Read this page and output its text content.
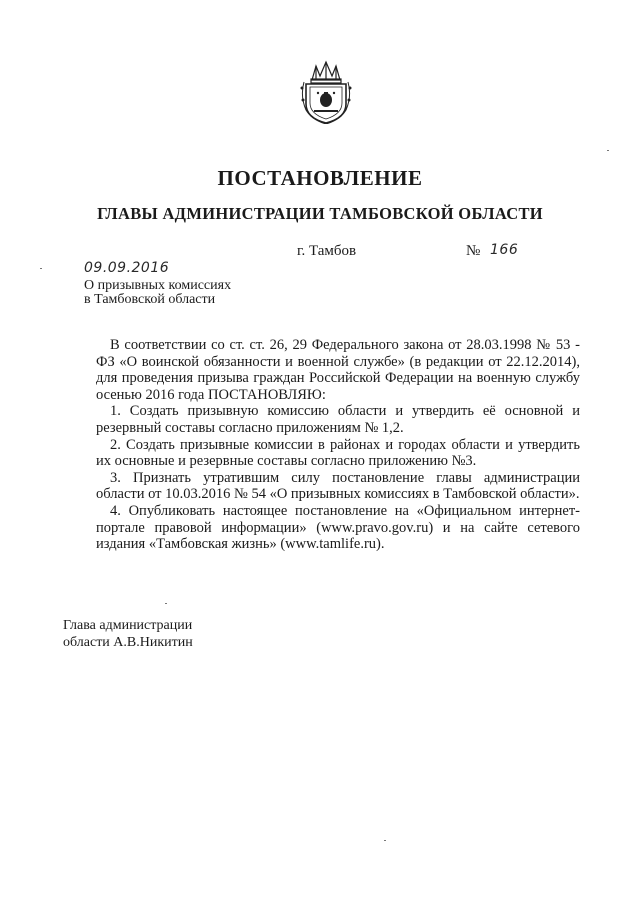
ПОСТАНОВЛЕНИЕ
ГЛАВЫ АДМИНИСТРАЦИИ ТАМБОВСКОЙ ОБЛАСТИ
г. Тамбов	№ 166
09.09.2016
О призывных комиссиях
в Тамбовской области

В соответствии со ст. ст. 26, 29 Федерального закона от 28.03.1998 № 53 - ФЗ «О воинской обязанности и военной службе» (в редакции от 22.12.2014), для проведения призыва граждан Российской Федерации на военную службу осенью 2016 года ПОСТАНОВЛЯЮ:

1. Создать призывную комиссию области и утвердить её основной и резервный составы согласно приложениям № 1,2.

2. Создать призывные комиссии в районах и городах области и утвердить их основные и резервные составы согласно приложению №3.

3. Признать утратившим силу постановление главы администрации области от 10.03.2016 № 54 «О призывных комиссиях в Тамбовской области».

4. Опубликовать настоящее постановление на «Официальном интернет-портале правовой информации» (www.pravo.gov.ru) и на сайте сетевого издания «Тамбовская жизнь» (www.tamlife.ru).

Глава администрации
области А.В.Никитин
